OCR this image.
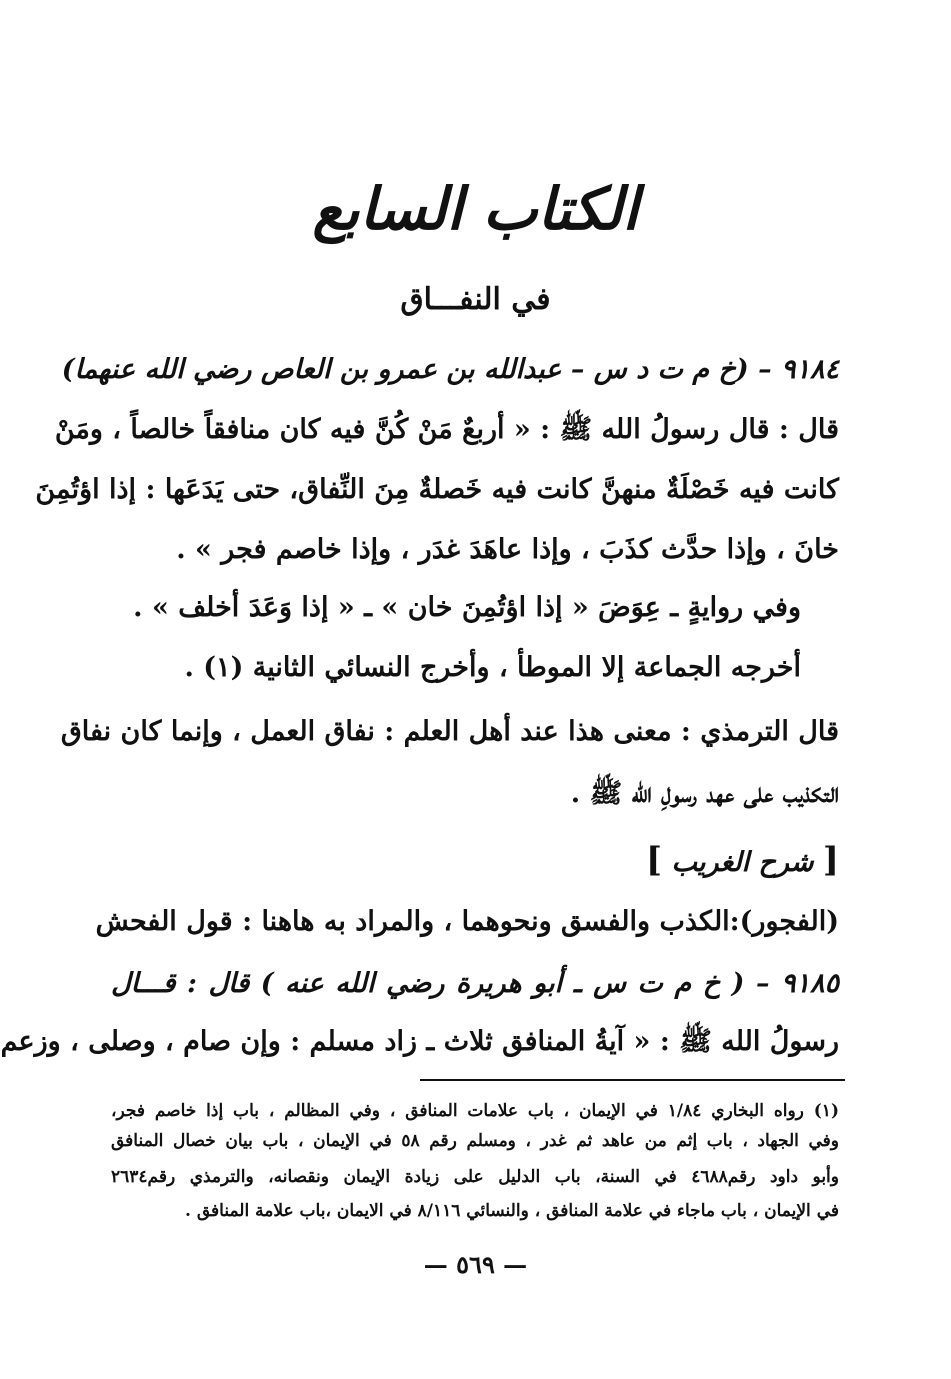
الكتاب السابع
في النفـــاق
٩١٨٤ – (خ م ت د س – عبدالله بن عمرو بن العاص رضي الله عنهما)
قال : قال رسولُ الله ﷺ : « أربعٌ مَنْ كُنَّ فيه كان منافقاً خالصاً ، ومَنْ
كانت فيه خَصْلَةٌ منهنَّ كانت فيه خَصلةٌ مِنَ النِّفاق، حتى يَدَعَها : إذا اؤتُمِنَ
خانَ ، وإذا حدَّث كذَبَ ، وإذا عاهَدَ غدَر ، وإذا خاصم فجر » .
وفي روايةٍ ـ عِوَضَ « إذا اؤتُمِنَ خان » ـ « إذا وَعَدَ أخلف » .
أخرجه الجماعة إلا الموطأ ، وأخرج النسائي الثانية (١) .
قال الترمذي : معنى هذا عند أهل العلم : نفاق العمل ، وإنما كان نفاق
التكذيب على عهد رسولِ الله ﷺ .
[ شرح الغريب ]
(الفجور):الكذب والفسق ونحوهما ، والمراد به هاهنا : قول الفحش
٩١٨٥ – ( خ م ت س ـ أبو هريرة رضي الله عنه ) قال : قـــال
رسولُ الله ﷺ : « آيةُ المنافق ثلاث ـ زاد مسلم : وإن صام ، وصلى ، وزعم
(١) رواه البخاري ١/٨٤ في الإيمان ، باب علامات المنافق ، وفي المظالم ، باب إذا خاصم فجر،
وفي الجهاد ، باب إثم من عاهد ثم غدر ، ومسلم رقم ٥٨ في الإيمان ، باب بيان خصال المنافق
وأبو داود رقم٤٦٨٨ في السنة، باب الدليل على زيادة الإيمان ونقصانه، والترمذي رقم٢٦٣٤
في الإيمان ، باب ماجاء في علامة المنافق ، والنسائي ٨/١١٦ في الايمان ،باب علامة المنافق .
— ٥٦٩ —
